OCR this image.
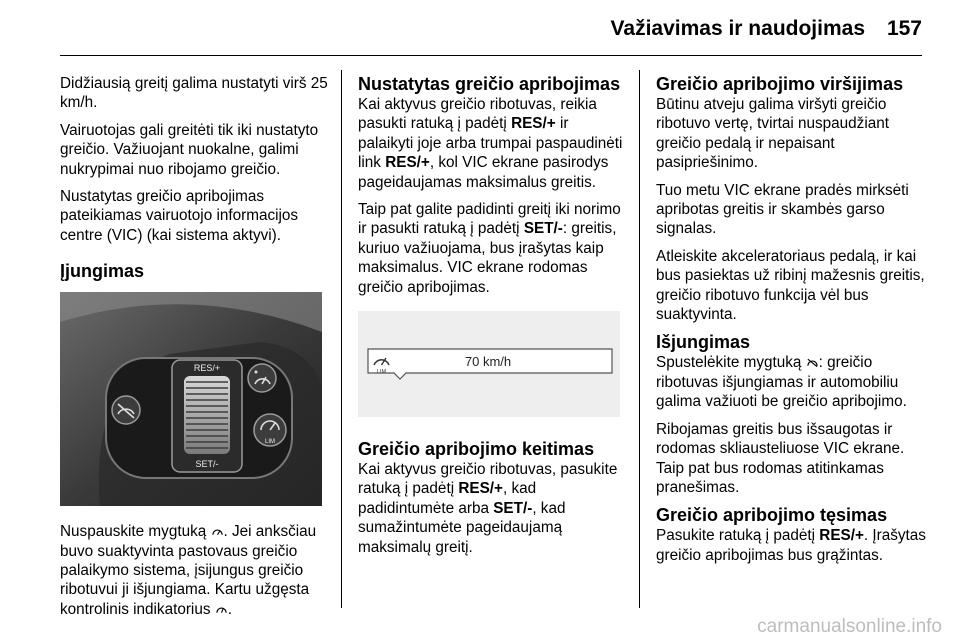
Važiavimas ir naudojimas 157

Didžiausią greitį galima nustatyti virš 25 km/h.

Vairuotojas gali greitėti tik iki nustatyto greičio. Važiuojant nuokalne, galimi nukrypimai nuo ribojamo greičio.

Nustatytas greičio apribojimas pateikiamas vairuotojo informacijos centre (VIC) (kai sistema aktyvi).

Įjungimas
RES/+
SET/-
LIM

Nuspauskite mygtuką . Jei anksčiau buvo suaktyvinta pastovaus greičio palaikymo sistema, įsijungus greičio ribotuvui ji išjungiama. Kartu užgęsta kontrolinis indikatorius .

Nustatytas greičio apribojimas

Kai aktyvus greičio ribotuvas, reikia pasukti ratuką į padėtį RES/+ ir palaikyti joje arba trumpai paspaudinėti link RES/+, kol VIC ekrane pasirodys pageidaujamas maksimalus greitis.

Taip pat galite padidinti greitį iki norimo ir pasukti ratuką į padėtį SET/-: greitis, kuriuo važiuojama, bus įrašytas kaip maksimalus. VIC ekrane rodomas greičio apribojimas.

LIM
70 km/h
Greičio apribojimo keitimas

Kai aktyvus greičio ribotuvas, pasukite ratuką į padėtį RES/+, kad padidintumėte arba SET/-, kad sumažintumėte pageidaujamą maksimalų greitį.

Greičio apribojimo viršijimas

Būtinu atveju galima viršyti greičio ribotuvo vertę, tvirtai nuspaudžiant greičio pedalą ir nepaisant pasipriešinimo.

Tuo metu VIC ekrane pradės mirksėti apribotas greitis ir skambės garso signalas.

Atleiskite akceleratoriaus pedalą, ir kai bus pasiektas už ribinį mažesnis greitis, greičio ribotuvo funkcija vėl bus suaktyvinta.

Išjungimas

Spustelėkite mygtuką : greičio ribotuvas išjungiamas ir automobiliu galima važiuoti be greičio apribojimo.

Ribojamas greitis bus išsaugotas ir rodomas skliausteliuose VIC ekrane. Taip pat bus rodomas atitinkamas pranešimas.

Greičio apribojimo tęsimas

Pasukite ratuką į padėtį RES/+. Įrašytas greičio apribojimas bus grąžintas.

carmanualsonline.info
